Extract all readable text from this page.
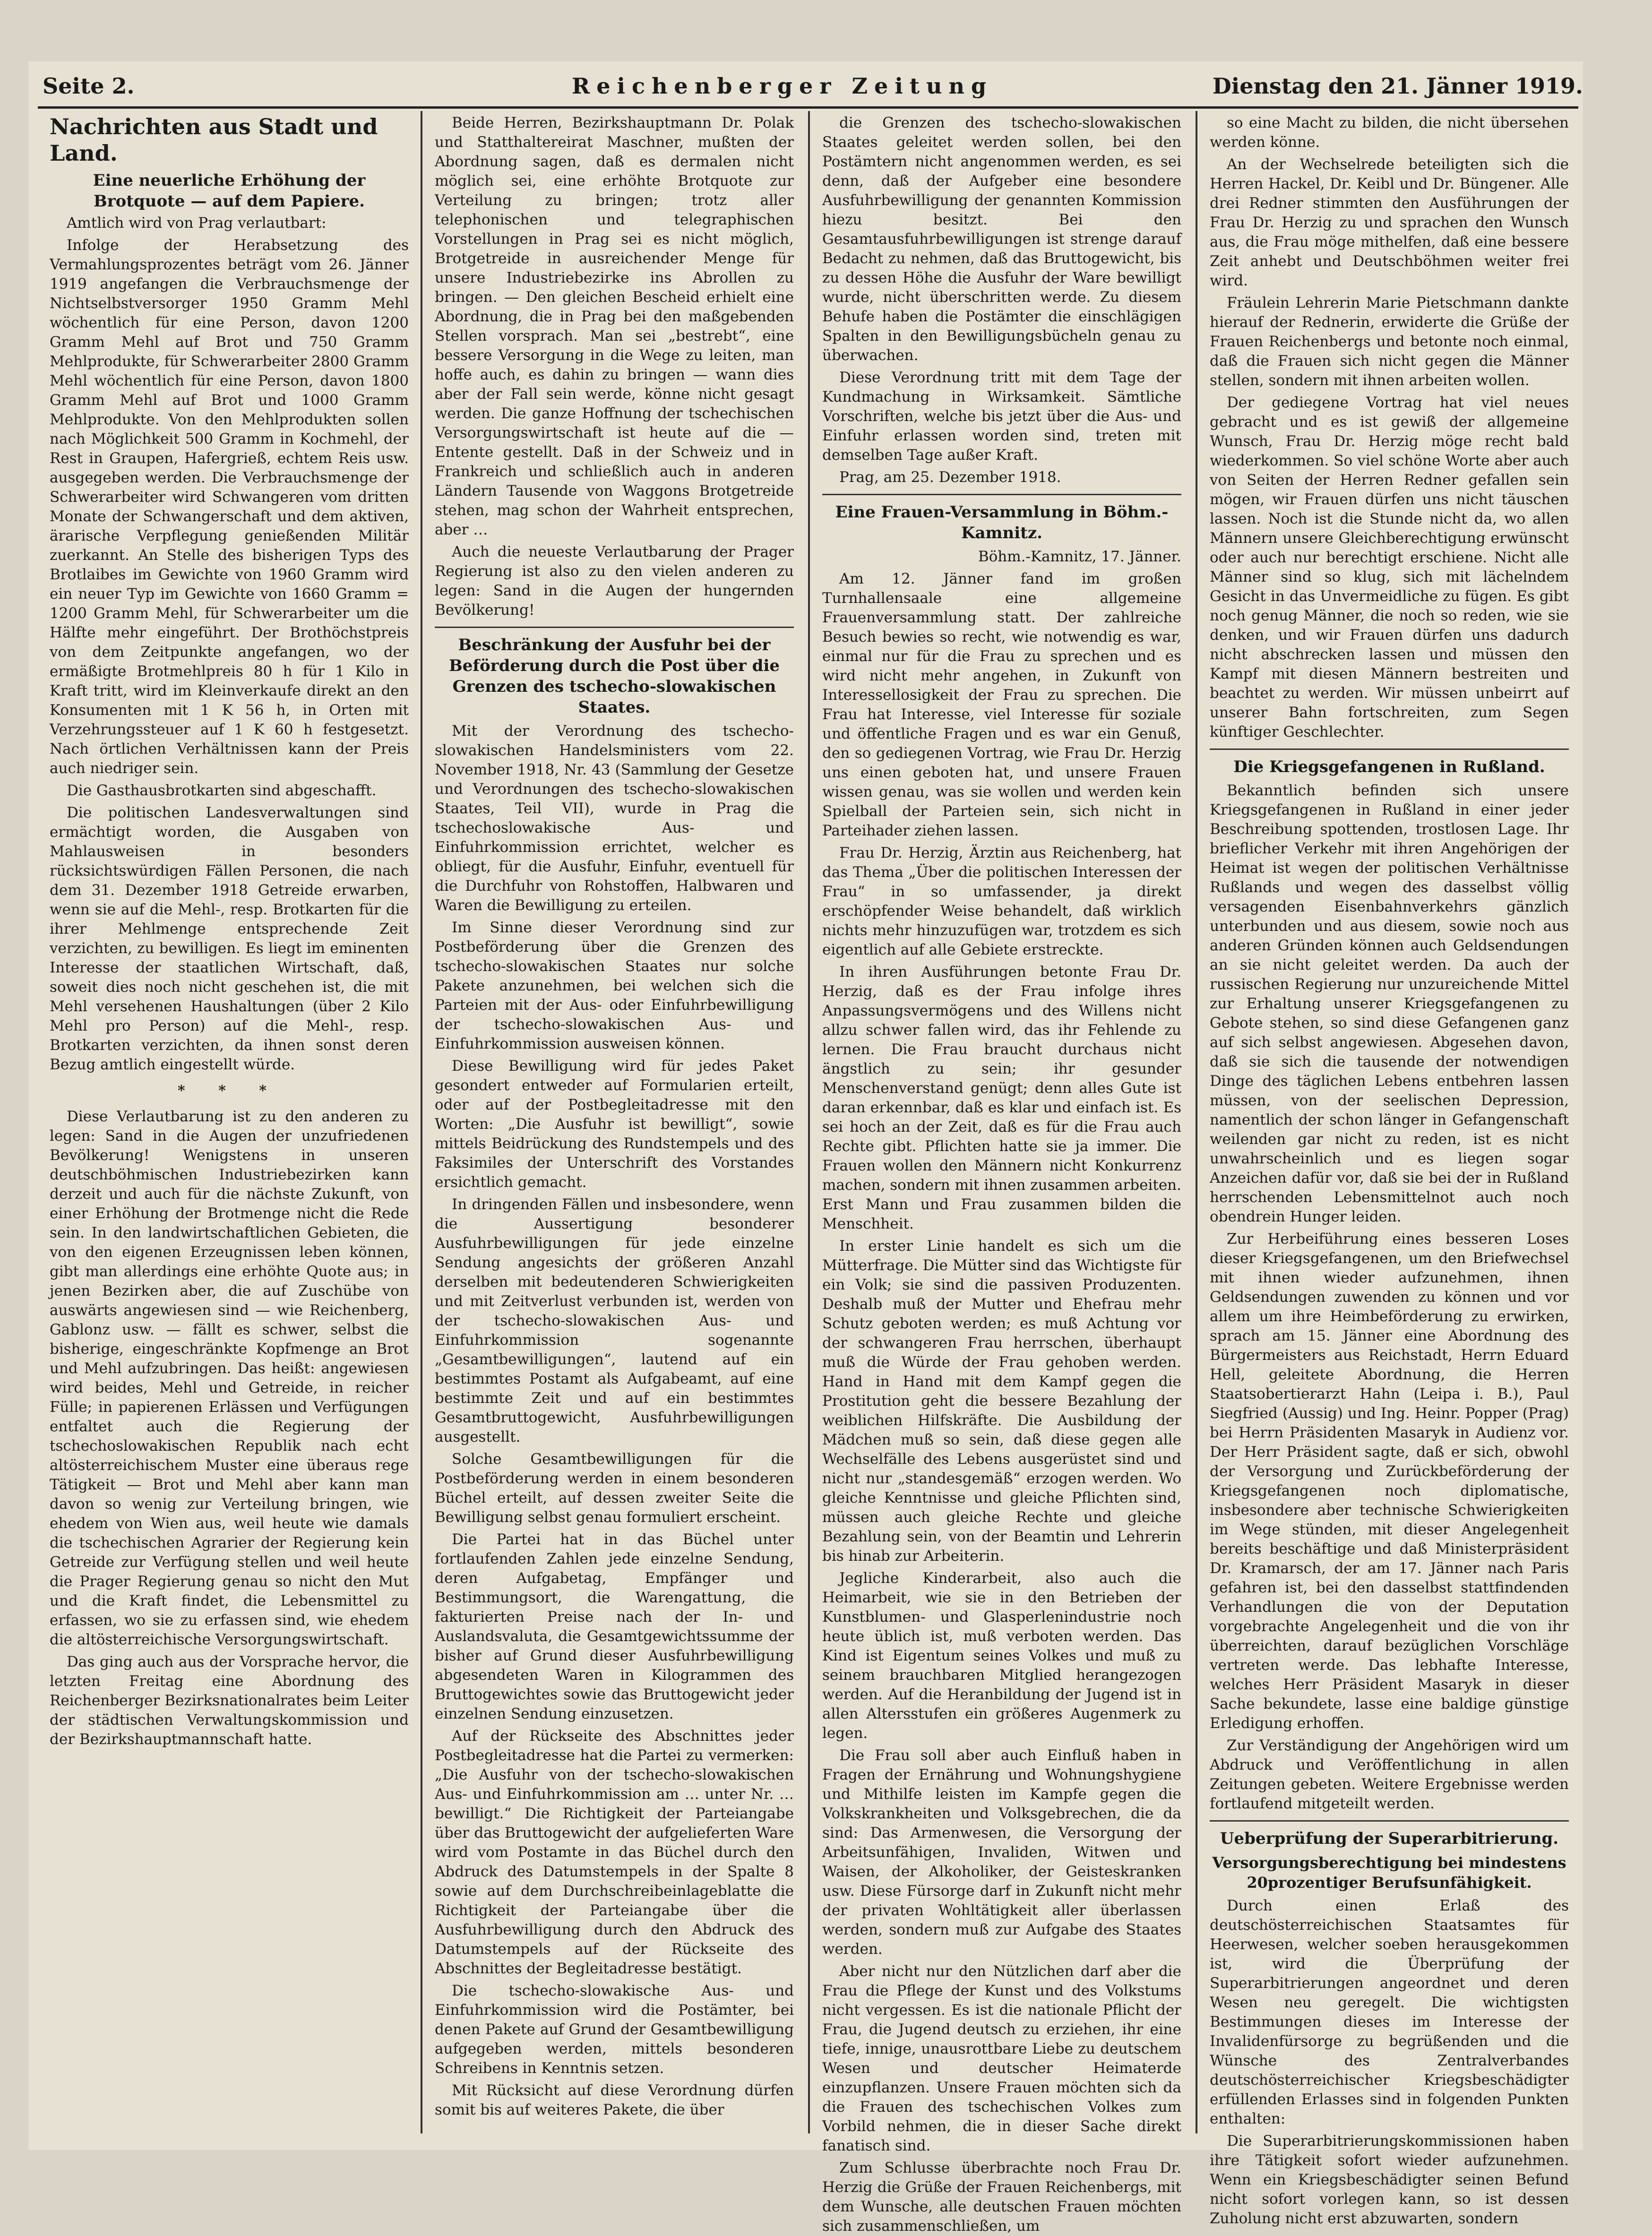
Seite 2.	Reichenberger Zeitung	Dienstag den 21. Jänner 1919.
Nachrichten aus Stadt und Land.
Eine neuerliche Erhöhung der Brotquote — auf dem Papiere.

Amtlich wird von Prag verlautbart:

Infolge der Herabsetzung des Vermahlungsprozentes beträgt vom 26. Jänner 1919 angefangen die Verbrauchsmenge der Nichtselbstversorger 1950 Gramm Mehl wöchentlich für eine Person, davon 1200 Gramm Mehl auf Brot und 750 Gramm Mehlprodukte, für Schwerarbeiter 2800 Gramm Mehl wöchentlich für eine Person, davon 1800 Gramm Mehl auf Brot und 1000 Gramm Mehlprodukte. Von den Mehlprodukten sollen nach Möglichkeit 500 Gramm in Kochmehl, der Rest in Graupen, Hafergrieß, echtem Reis usw. ausgegeben werden. Die Verbrauchsmenge der Schwerarbeiter wird Schwangeren vom dritten Monate der Schwangerschaft und dem aktiven, ärarische Verpflegung genießenden Militär zuerkannt. An Stelle des bisherigen Typs des Brotlaibes im Gewichte von 1960 Gramm wird ein neuer Typ im Gewichte von 1660 Gramm = 1200 Gramm Mehl, für Schwerarbeiter um die Hälfte mehr eingeführt. Der Brothöchstpreis von dem Zeitpunkte angefangen, wo der ermäßigte Brotmehlpreis 80 h für 1 Kilo in Kraft tritt, wird im Kleinverkaufe direkt an den Konsumenten mit 1 K 56 h, in Orten mit Verzehrungssteuer auf 1 K 60 h festgesetzt. Nach örtlichen Verhältnissen kann der Preis auch niedriger sein.

Die Gasthausbrotkarten sind abgeschafft.

Die politischen Landesverwaltungen sind ermächtigt worden, die Ausgaben von Mahlausweisen in besonders rücksichtswürdigen Fällen Personen, die nach dem 31. Dezember 1918 Getreide erwarben, wenn sie auf die Mehl-, resp. Brotkarten für die ihrer Mehlmenge entsprechende Zeit verzichten, zu bewilligen. Es liegt im eminenten Interesse der staatlichen Wirtschaft, daß, soweit dies noch nicht geschehen ist, die mit Mehl versehenen Haushaltungen (über 2 Kilo Mehl pro Person) auf die Mehl-, resp. Brotkarten verzichten, da ihnen sonst deren Bezug amtlich eingestellt würde.

* * *

Diese Verlautbarung ist zu den anderen zu legen: Sand in die Augen der unzufriedenen Bevölkerung! Wenigstens in unseren deutschböhmischen Industriebezirken kann derzeit und auch für die nächste Zukunft, von einer Erhöhung der Brotmenge nicht die Rede sein. In den landwirtschaftlichen Gebieten, die von den eigenen Erzeugnissen leben können, gibt man allerdings eine erhöhte Quote aus; in jenen Bezirken aber, die auf Zuschübe von auswärts angewiesen sind — wie Reichenberg, Gablonz usw. — fällt es schwer, selbst die bisherige, eingeschränkte Kopfmenge an Brot und Mehl aufzubringen. Das heißt: angewiesen wird beides, Mehl und Getreide, in reicher Fülle; in papierenen Erlässen und Verfügungen entfaltet auch die Regierung der tschechoslowakischen Republik nach echt altösterreichischem Muster eine überaus rege Tätigkeit — Brot und Mehl aber kann man davon so wenig zur Verteilung bringen, wie ehedem von Wien aus, weil heute wie damals die tschechischen Agrarier der Regierung kein Getreide zur Verfügung stellen und weil heute die Prager Regierung genau so nicht den Mut und die Kraft findet, die Lebensmittel zu erfassen, wo sie zu erfassen sind, wie ehedem die altösterreichische Versorgungswirtschaft.

Das ging auch aus der Vorsprache hervor, die letzten Freitag eine Abordnung des Reichenberger Bezirksnationalrates beim Leiter der städtischen Verwaltungskommission und der Bezirkshauptmannschaft hatte.

Beide Herren, Bezirkshauptmann Dr. Polak und Statthaltereirat Maschner, mußten der Abordnung sagen, daß es dermalen nicht möglich sei, eine erhöhte Brotquote zur Verteilung zu bringen; trotz aller telephonischen und telegraphischen Vorstellungen in Prag sei es nicht möglich, Brotgetreide in ausreichender Menge für unsere Industriebezirke ins Abrollen zu bringen. — Den gleichen Bescheid erhielt eine Abordnung, die in Prag bei den maßgebenden Stellen vorsprach. Man sei „bestrebt“, eine bessere Versorgung in die Wege zu leiten, man hoffe auch, es dahin zu bringen — wann dies aber der Fall sein werde, könne nicht gesagt werden. Die ganze Hoffnung der tschechischen Versorgungswirtschaft ist heute auf die — Entente gestellt. Daß in der Schweiz und in Frankreich und schließlich auch in anderen Ländern Tausende von Waggons Brotgetreide stehen, mag schon der Wahrheit entsprechen, aber …

Auch die neueste Verlautbarung der Prager Regierung ist also zu den vielen anderen zu legen: Sand in die Augen der hungernden Bevölkerung!

Beschränkung der Ausfuhr bei der Beförderung durch die Post über die Grenzen des tschecho-slowakischen Staates.

Mit der Verordnung des tschecho-slowakischen Handelsministers vom 22. November 1918, Nr. 43 (Sammlung der Gesetze und Verordnungen des tschecho-slowakischen Staates, Teil VII), wurde in Prag die tschechoslowakische Aus- und Einfuhrkommission errichtet, welcher es obliegt, für die Ausfuhr, Einfuhr, eventuell für die Durchfuhr von Rohstoffen, Halbwaren und Waren die Bewilligung zu erteilen.

Im Sinne dieser Verordnung sind zur Postbeförderung über die Grenzen des tschecho-slowakischen Staates nur solche Pakete anzunehmen, bei welchen sich die Parteien mit der Aus- oder Einfuhrbewilligung der tschecho-slowakischen Aus- und Einfuhrkommission ausweisen können.

Diese Bewilligung wird für jedes Paket gesondert entweder auf Formularien erteilt, oder auf der Postbegleitadresse mit den Worten: „Die Ausfuhr ist bewilligt“, sowie mittels Beidrückung des Rundstempels und des Faksimiles der Unterschrift des Vorstandes ersichtlich gemacht.

In dringenden Fällen und insbesondere, wenn die Aussertigung besonderer Ausfuhrbewilligungen für jede einzelne Sendung angesichts der größeren Anzahl derselben mit bedeutenderen Schwierigkeiten und mit Zeitverlust verbunden ist, werden von der tschecho-slowakischen Aus- und Einfuhrkommission sogenannte „Gesamtbewilligungen“, lautend auf ein bestimmtes Postamt als Aufgabeamt, auf eine bestimmte Zeit und auf ein bestimmtes Gesamtbruttogewicht, Ausfuhrbewilligungen ausgestellt.

Solche Gesamtbewilligungen für die Postbeförderung werden in einem besonderen Büchel erteilt, auf dessen zweiter Seite die Bewilligung selbst genau formuliert erscheint.

Die Partei hat in das Büchel unter fortlaufenden Zahlen jede einzelne Sendung, deren Aufgabetag, Empfänger und Bestimmungsort, die Warengattung, die fakturierten Preise nach der In- und Auslandsvaluta, die Gesamtgewichtssumme der bisher auf Grund dieser Ausfuhrbewilligung abgesendeten Waren in Kilogrammen des Bruttogewichtes sowie das Bruttogewicht jeder einzelnen Sendung einzusetzen.

Auf der Rückseite des Abschnittes jeder Postbegleitadresse hat die Partei zu vermerken: „Die Ausfuhr von der tschecho-slowakischen Aus- und Einfuhrkommission am … unter Nr. … bewilligt.“ Die Richtigkeit der Parteiangabe über das Bruttogewicht der aufgelieferten Ware wird vom Postamte in das Büchel durch den Abdruck des Datumstempels in der Spalte 8 sowie auf dem Durchschreibeinlageblatte die Richtigkeit der Parteiangabe über die Ausfuhrbewilligung durch den Abdruck des Datumstempels auf der Rückseite des Abschnittes der Begleitadresse bestätigt.

Die tschecho-slowakische Aus- und Einfuhrkommission wird die Postämter, bei denen Pakete auf Grund der Gesamtbewilligung aufgegeben werden, mittels besonderen Schreibens in Kenntnis setzen.

Mit Rücksicht auf diese Verordnung dürfen somit bis auf weiteres Pakete, die über

die Grenzen des tschecho-slowakischen Staates geleitet werden sollen, bei den Postämtern nicht angenommen werden, es sei denn, daß der Aufgeber eine besondere Ausfuhrbewilligung der genannten Kommission hiezu besitzt. Bei den Gesamtausfuhrbewilligungen ist strenge darauf Bedacht zu nehmen, daß das Bruttogewicht, bis zu dessen Höhe die Ausfuhr der Ware bewilligt wurde, nicht überschritten werde. Zu diesem Behufe haben die Postämter die einschlägigen Spalten in den Bewilligungsbücheln genau zu überwachen.

Diese Verordnung tritt mit dem Tage der Kundmachung in Wirksamkeit. Sämtliche Vorschriften, welche bis jetzt über die Aus- und Einfuhr erlassen worden sind, treten mit demselben Tage außer Kraft.

Prag, am 25. Dezember 1918.

Eine Frauen-Versammlung in Böhm.-Kamnitz.

Böhm.-Kamnitz, 17. Jänner.

Am 12. Jänner fand im großen Turnhallensaale eine allgemeine Frauenversammlung statt. Der zahlreiche Besuch bewies so recht, wie notwendig es war, einmal nur für die Frau zu sprechen und es wird nicht mehr angehen, in Zukunft von Interessellosigkeit der Frau zu sprechen. Die Frau hat Interesse, viel Interesse für soziale und öffentliche Fragen und es war ein Genuß, den so gediegenen Vortrag, wie Frau Dr. Herzig uns einen geboten hat, und unsere Frauen wissen genau, was sie wollen und werden kein Spielball der Parteien sein, sich nicht in Parteihader ziehen lassen.

Frau Dr. Herzig, Ärztin aus Reichenberg, hat das Thema „Über die politischen Interessen der Frau“ in so umfassender, ja direkt erschöpfender Weise behandelt, daß wirklich nichts mehr hinzuzufügen war, trotzdem es sich eigentlich auf alle Gebiete erstreckte.

In ihren Ausführungen betonte Frau Dr. Herzig, daß es der Frau infolge ihres Anpassungsvermögens und des Willens nicht allzu schwer fallen wird, das ihr Fehlende zu lernen. Die Frau braucht durchaus nicht ängstlich zu sein; ihr gesunder Menschenverstand genügt; denn alles Gute ist daran erkennbar, daß es klar und einfach ist. Es sei hoch an der Zeit, daß es für die Frau auch Rechte gibt. Pflichten hatte sie ja immer. Die Frauen wollen den Männern nicht Konkurrenz machen, sondern mit ihnen zusammen arbeiten. Erst Mann und Frau zusammen bilden die Menschheit.

In erster Linie handelt es sich um die Mütterfrage. Die Mütter sind das Wichtigste für ein Volk; sie sind die passiven Produzenten. Deshalb muß der Mutter und Ehefrau mehr Schutz geboten werden; es muß Achtung vor der schwangeren Frau herrschen, überhaupt muß die Würde der Frau gehoben werden. Hand in Hand mit dem Kampf gegen die Prostitution geht die bessere Bezahlung der weiblichen Hilfskräfte. Die Ausbildung der Mädchen muß so sein, daß diese gegen alle Wechselfälle des Lebens ausgerüstet sind und nicht nur „standesgemäß“ erzogen werden. Wo gleiche Kenntnisse und gleiche Pflichten sind, müssen auch gleiche Rechte und gleiche Bezahlung sein, von der Beamtin und Lehrerin bis hinab zur Arbeiterin.

Jegliche Kinderarbeit, also auch die Heimarbeit, wie sie in den Betrieben der Kunstblumen- und Glasperlenindustrie noch heute üblich ist, muß verboten werden. Das Kind ist Eigentum seines Volkes und muß zu seinem brauchbaren Mitglied herangezogen werden. Auf die Heranbildung der Jugend ist in allen Altersstufen ein größeres Augenmerk zu legen.

Die Frau soll aber auch Einfluß haben in Fragen der Ernährung und Wohnungshygiene und Mithilfe leisten im Kampfe gegen die Volkskrankheiten und Volksgebrechen, die da sind: Das Armenwesen, die Versorgung der Arbeitsunfähigen, Invaliden, Witwen und Waisen, der Alkoholiker, der Geisteskranken usw. Diese Fürsorge darf in Zukunft nicht mehr der privaten Wohltätigkeit aller überlassen werden, sondern muß zur Aufgabe des Staates werden.

Aber nicht nur den Nützlichen darf aber die Frau die Pflege der Kunst und des Volkstums nicht vergessen. Es ist die nationale Pflicht der Frau, die Jugend deutsch zu erziehen, ihr eine tiefe, innige, unausrottbare Liebe zu deutschem Wesen und deutscher Heimaterde einzupflanzen. Unsere Frauen möchten sich da die Frauen des tschechischen Volkes zum Vorbild nehmen, die in dieser Sache direkt fanatisch sind.

Zum Schlusse überbrachte noch Frau Dr. Herzig die Grüße der Frauen Reichenbergs, mit dem Wunsche, alle deutschen Frauen möchten sich zusammenschließen, um

so eine Macht zu bilden, die nicht übersehen werden könne.

An der Wechselrede beteiligten sich die Herren Hackel, Dr. Keibl und Dr. Büngener. Alle drei Redner stimmten den Ausführungen der Frau Dr. Herzig zu und sprachen den Wunsch aus, die Frau möge mithelfen, daß eine bessere Zeit anhebt und Deutschböhmen weiter frei wird.

Fräulein Lehrerin Marie Pietschmann dankte hierauf der Rednerin, erwiderte die Grüße der Frauen Reichenbergs und betonte noch einmal, daß die Frauen sich nicht gegen die Männer stellen, sondern mit ihnen arbeiten wollen.

Der gediegene Vortrag hat viel neues gebracht und es ist gewiß der allgemeine Wunsch, Frau Dr. Herzig möge recht bald wiederkommen. So viel schöne Worte aber auch von Seiten der Herren Redner gefallen sein mögen, wir Frauen dürfen uns nicht täuschen lassen. Noch ist die Stunde nicht da, wo allen Männern unsere Gleichberechtigung erwünscht oder auch nur berechtigt erschiene. Nicht alle Männer sind so klug, sich mit lächelndem Gesicht in das Unvermeidliche zu fügen. Es gibt noch genug Männer, die noch so reden, wie sie denken, und wir Frauen dürfen uns dadurch nicht abschrecken lassen und müssen den Kampf mit diesen Männern bestreiten und beachtet zu werden. Wir müssen unbeirrt auf unserer Bahn fortschreiten, zum Segen künftiger Geschlechter.

Die Kriegsgefangenen in Rußland.

Bekanntlich befinden sich unsere Kriegsgefangenen in Rußland in einer jeder Beschreibung spottenden, trostlosen Lage. Ihr brieflicher Verkehr mit ihren Angehörigen der Heimat ist wegen der politischen Verhältnisse Rußlands und wegen des dasselbst völlig versagenden Eisenbahnverkehrs gänzlich unterbunden und aus diesem, sowie noch aus anderen Gründen können auch Geldsendungen an sie nicht geleitet werden. Da auch der russischen Regierung nur unzureichende Mittel zur Erhaltung unserer Kriegsgefangenen zu Gebote stehen, so sind diese Gefangenen ganz auf sich selbst angewiesen. Abgesehen davon, daß sie sich die tausende der notwendigen Dinge des täglichen Lebens entbehren lassen müssen, von der seelischen Depression, namentlich der schon länger in Gefangenschaft weilenden gar nicht zu reden, ist es nicht unwahrscheinlich und es liegen sogar Anzeichen dafür vor, daß sie bei der in Rußland herrschenden Lebensmittelnot auch noch obendrein Hunger leiden.

Zur Herbeiführung eines besseren Loses dieser Kriegsgefangenen, um den Briefwechsel mit ihnen wieder aufzunehmen, ihnen Geldsendungen zuwenden zu können und vor allem um ihre Heimbeförderung zu erwirken, sprach am 15. Jänner eine Abordnung des Bürgermeisters aus Reichstadt, Herrn Eduard Hell, geleitete Abordnung, die Herren Staatsobertierarzt Hahn (Leipa i. B.), Paul Siegfried (Aussig) und Ing. Heinr. Popper (Prag) bei Herrn Präsidenten Masaryk in Audienz vor. Der Herr Präsident sagte, daß er sich, obwohl der Versorgung und Zurückbeförderung der Kriegsgefangenen noch diplomatische, insbesondere aber technische Schwierigkeiten im Wege stünden, mit dieser Angelegenheit bereits beschäftige und daß Ministerpräsident Dr. Kramarsch, der am 17. Jänner nach Paris gefahren ist, bei den dasselbst stattfindenden Verhandlungen die von der Deputation vorgebrachte Angelegenheit und die von ihr überreichten, darauf bezüglichen Vorschläge vertreten werde. Das lebhafte Interesse, welches Herr Präsident Masaryk in dieser Sache bekundete, lasse eine baldige günstige Erledigung erhoffen.

Zur Verständigung der Angehörigen wird um Abdruck und Veröffentlichung in allen Zeitungen gebeten. Weitere Ergebnisse werden fortlaufend mitgeteilt werden.

Ueberprüfung der Superarbitrierung.
Versorgungsberechtigung bei mindestens 20prozentiger Berufsunfähigkeit.

Durch einen Erlaß des deutschösterreichischen Staatsamtes für Heerwesen, welcher soeben herausgekommen ist, wird die Überprüfung der Superarbitrierungen angeordnet und deren Wesen neu geregelt. Die wichtigsten Bestimmungen dieses im Interesse der Invalidenfürsorge zu begrüßenden und die Wünsche des Zentralverbandes deutschösterreichischer Kriegsbeschädigter erfüllenden Erlasses sind in folgenden Punkten enthalten:

Die Superarbitrierungskommissionen haben ihre Tätigkeit sofort wieder aufzunehmen. Wenn ein Kriegsbeschädigter seinen Befund nicht sofort vorlegen kann, so ist dessen Zuholung nicht erst abzuwarten, sondern
